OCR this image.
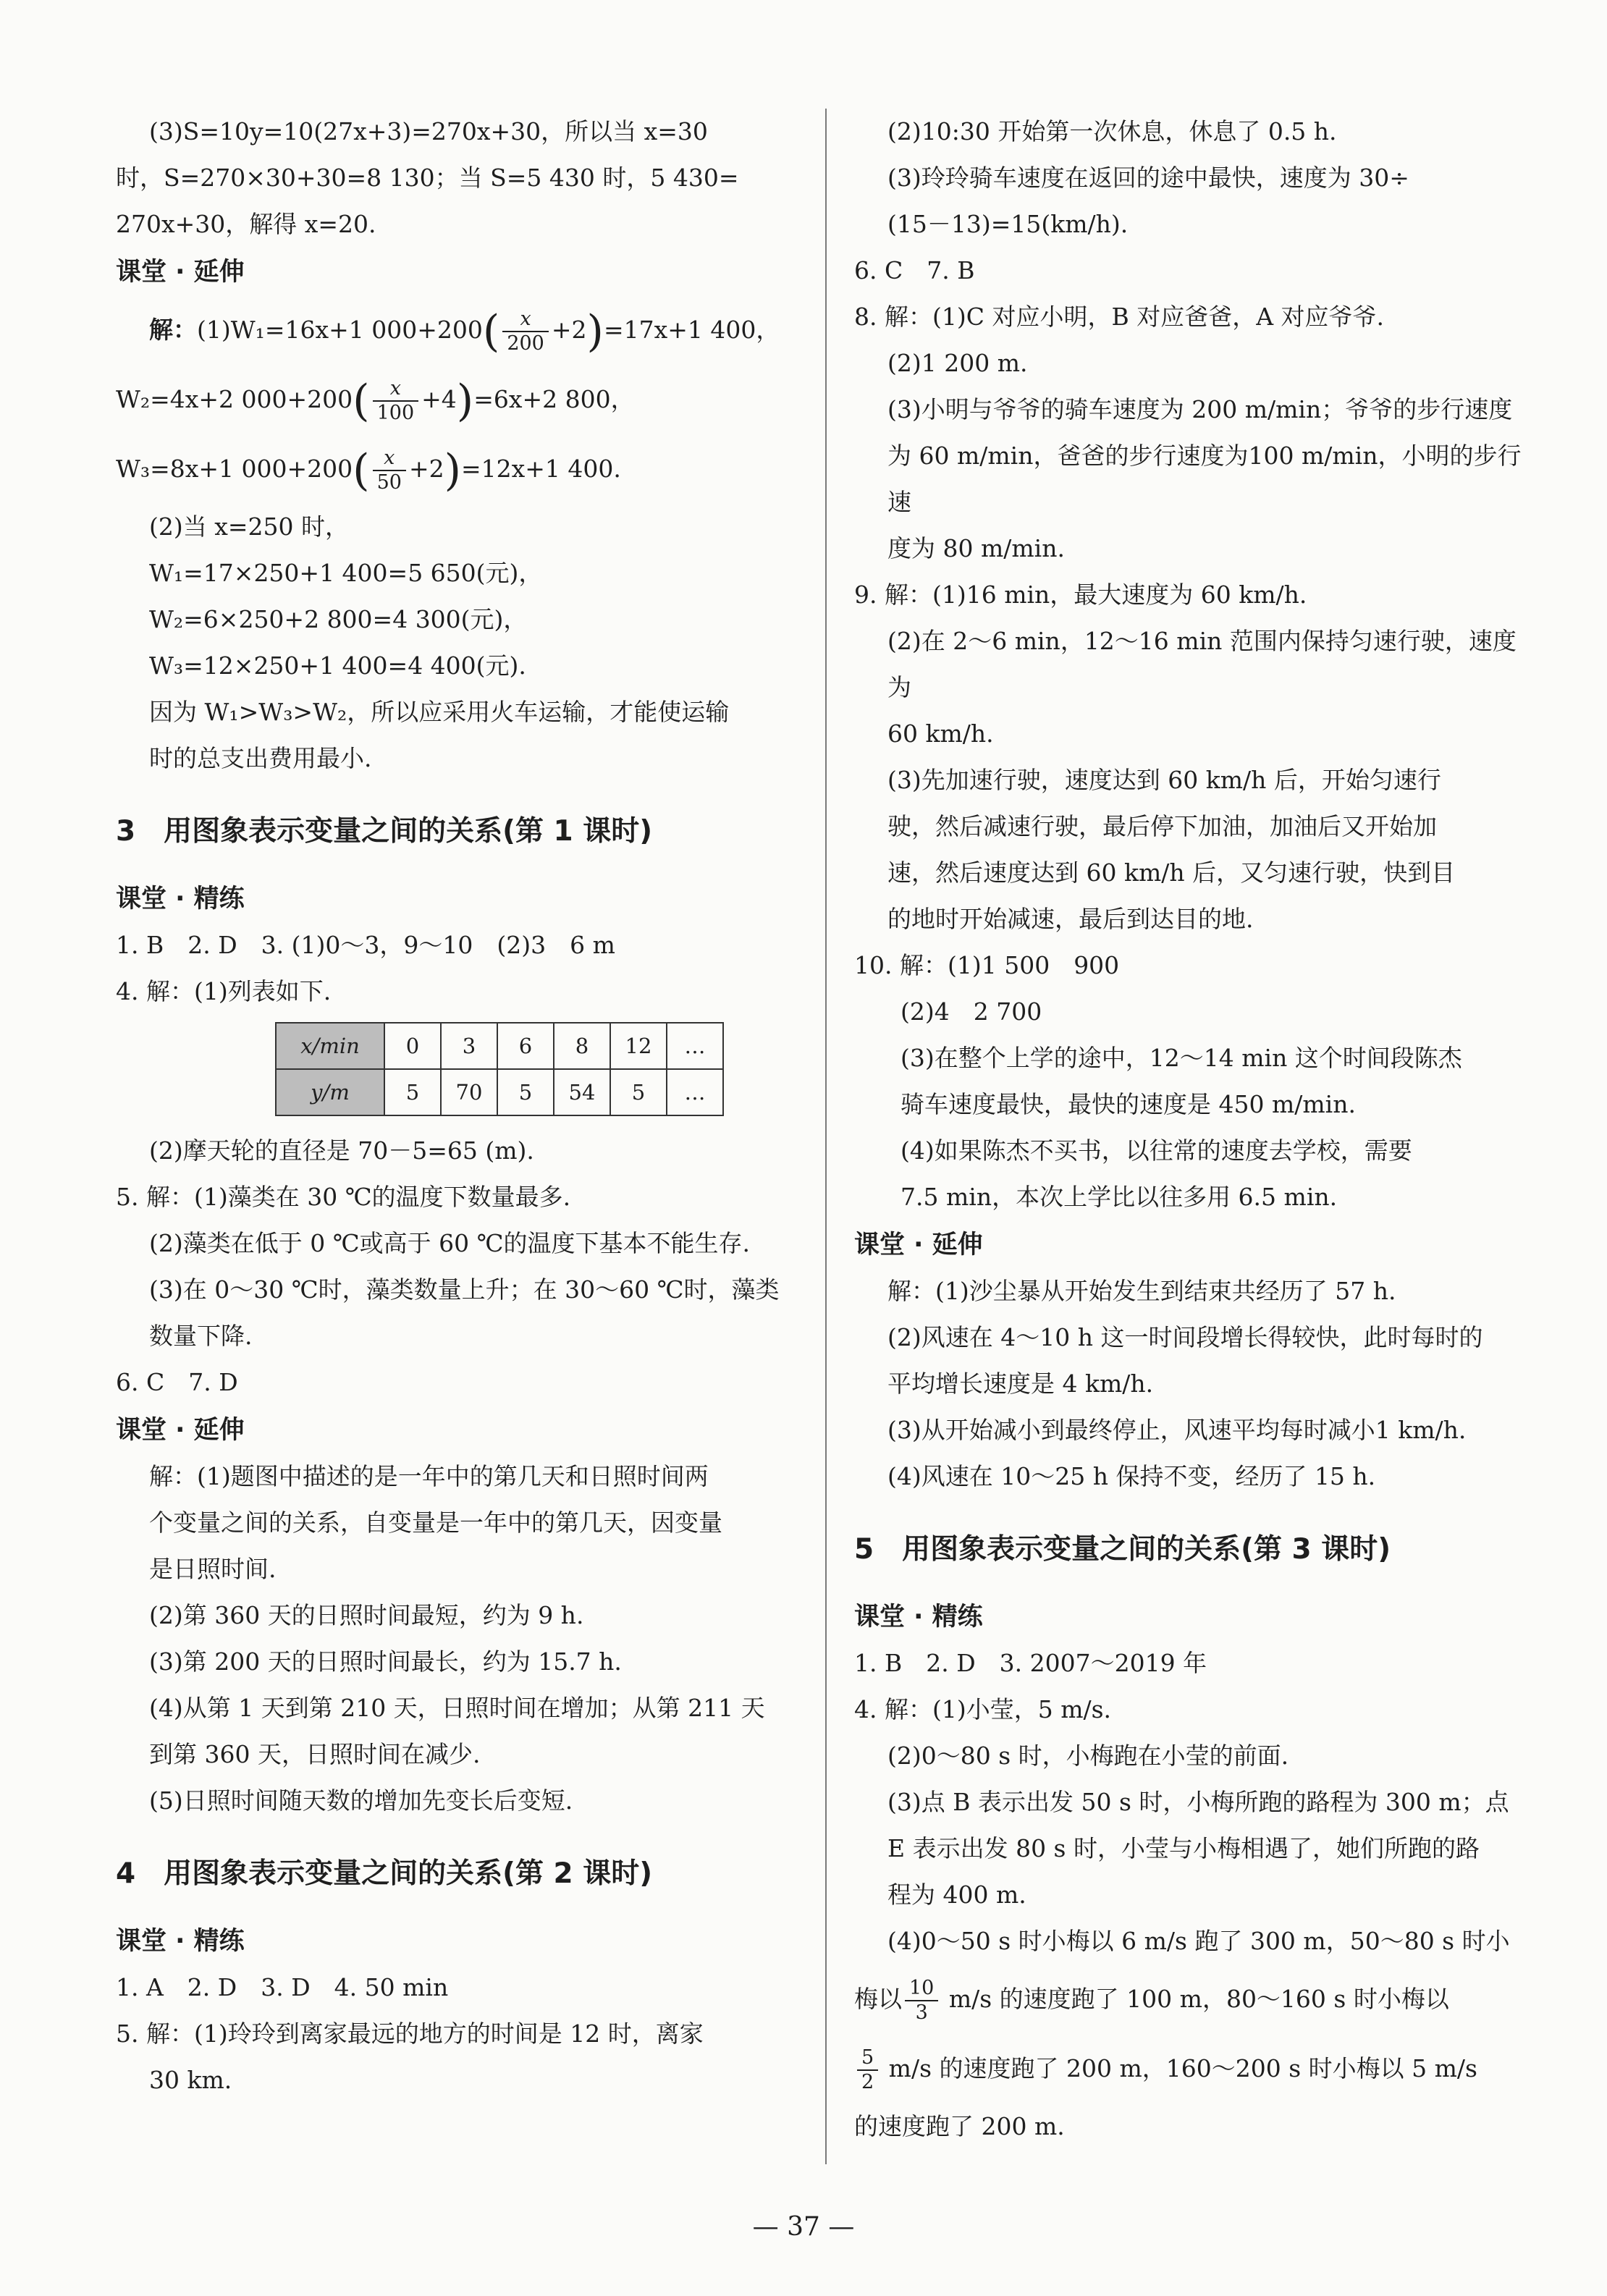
(3)S=10y=10(27x+3)=270x+30，所以当 x=30

时，S=270×30+30=8 130；当 S=5 430 时，5 430=

270x+30，解得 x=20.

课堂 · 延伸

解：(1)W₁=16x+1 $000+200( \frac{x}{200} +2)=17x+1$ 400，

W₂=4x+2 $000+200( \frac{x}{100} +4)=6x+2$ 800，

W₃=8x+1 $000+200( \frac{x}{50} +2)=12x+1$ 400.

(2)当 x=250 时，

W₁=17×250+1 400=5 650(元)，

W₂=6×250+2 800=4 300(元)，

W₃=12×250+1 400=4 400(元).

因为 W₁>W₃>W₂，所以应采用火车运输，才能使运输

时的总支出费用最小.

3　用图象表示变量之间的关系(第 1 课时)
课堂 · 精练

1. B　2. D　3. (1)0～3，9～10　(2)3　6 m

4. 解：(1)列表如下.

x/min	0	3	6	8	12	…
y/m	5	70	5	54	5	…

(2)摩天轮的直径是 70－5=65 (m).

5. 解：(1)藻类在 30 ℃的温度下数量最多.

(2)藻类在低于 0 ℃或高于 60 ℃的温度下基本不能生存.

(3)在 0～30 ℃时，藻类数量上升；在 30～60 ℃时，藻类

数量下降.

6. C　7. D

课堂 · 延伸

解：(1)题图中描述的是一年中的第几天和日照时间两

个变量之间的关系，自变量是一年中的第几天，因变量

是日照时间.

(2)第 360 天的日照时间最短，约为 9 h.

(3)第 200 天的日照时间最长，约为 15.7 h.

(4)从第 1 天到第 210 天，日照时间在增加；从第 211 天

到第 360 天，日照时间在减少.

(5)日照时间随天数的增加先变长后变短.

4　用图象表示变量之间的关系(第 2 课时)
课堂 · 精练

1. A　2. D　3. D　4. 50 min

5. 解：(1)玲玲到离家最远的地方的时间是 12 时，离家

30 km.

(2)10:30 开始第一次休息，休息了 0.5 h.

(3)玲玲骑车速度在返回的途中最快，速度为 30÷

(15－13)=15(km/h).

6. C　7. B

8. 解：(1)C 对应小明，B 对应爸爸，A 对应爷爷.

(2)1 200 m.

(3)小明与爷爷的骑车速度为 200 m/min；爷爷的步行速度

为 60 m/min，爸爸的步行速度为100 m/min，小明的步行速

度为 80 m/min.

9. 解：(1)16 min，最大速度为 60 km/h.

(2)在 2～6 min，12～16 min 范围内保持匀速行驶，速度为

60 km/h.

(3)先加速行驶，速度达到 60 km/h 后，开始匀速行

驶，然后减速行驶，最后停下加油，加油后又开始加

速，然后速度达到 60 km/h 后，又匀速行驶，快到目

的地时开始减速，最后到达目的地.

10. 解：(1)1 500　900

(2)4　2 700

(3)在整个上学的途中，12～14 min 这个时间段陈杰

骑车速度最快，最快的速度是 450 m/min.

(4)如果陈杰不买书，以往常的速度去学校，需要

7.5 min，本次上学比以往多用 6.5 min.

课堂 · 延伸

解：(1)沙尘暴从开始发生到结束共经历了 57 h.

(2)风速在 4～10 h 这一时间段增长得较快，此时每时的

平均增长速度是 4 km/h.

(3)从开始减小到最终停止，风速平均每时减小1 km/h.

(4)风速在 10～25 h 保持不变，经历了 15 h.

5　用图象表示变量之间的关系(第 3 课时)
课堂 · 精练

1. B　2. D　3. 2007～2019 年

4. 解：(1)小莹，5 m/s.

(2)0～80 s 时，小梅跑在小莹的前面.

(3)点 B 表示出发 50 s 时，小梅所跑的路程为 300 m；点

E 表示出发 80 s 时，小莹与小梅相遇了，她们所跑的路

程为 400 m.

(4)0～50 s 时小梅以 6 m/s 跑了 300 m，50～80 s 时小

梅以 $\frac{10}{3} m/s$ 的速度跑了 100 m，80～160 s 时小梅以

$\frac{5}{2} m/s$ 的速度跑了 200 m，160～200 s 时小梅以 5 m/s

的速度跑了 200 m.

— 37 —
